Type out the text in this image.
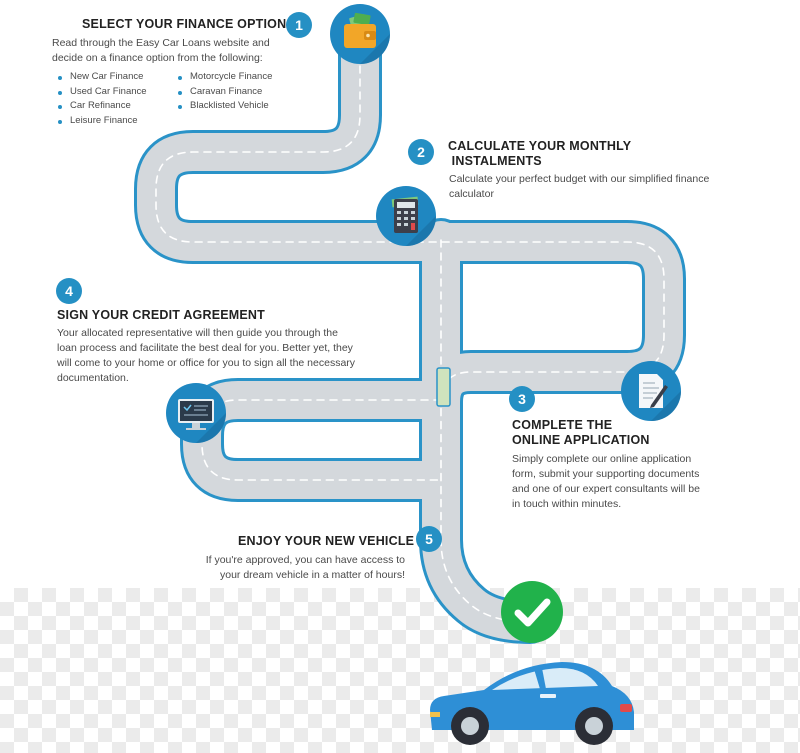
1
SELECT YOUR FINANCE OPTION
Read through the Easy Car Loans website and
decide on a finance option from the following:
New Car Finance
Used Car Finance
Car Refinance
Leisure Finance
Motorcycle Finance
Caravan Finance
Blacklisted Vehicle
2	CALCULATE YOUR MONTHLY
INSTALMENTS
Calculate your perfect budget with our simplified finance
calculator
4
SIGN YOUR CREDIT AGREEMENT
Your allocated representative will then guide you through the
loan process and facilitate the best deal for you. Better yet, they
will come to your home or office for you to sign all the necessary
documentation.
3
COMPLETE THE
ONLINE APPLICATION
Simply complete our online application
form, submit your supporting documents
and one of our expert consultants will be
in touch within minutes.
5
ENJOY YOUR NEW VEHICLE
If you're approved, you can have access to
your dream vehicle in a matter of hours!
